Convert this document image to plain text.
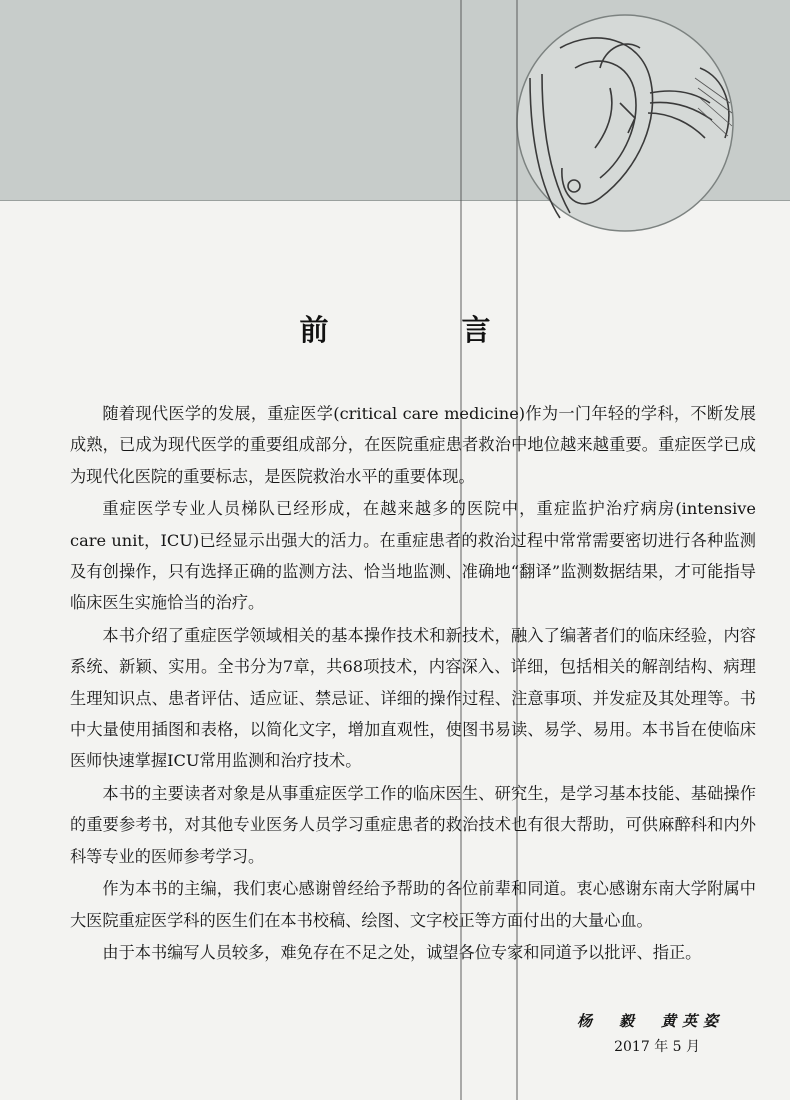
前　言

随着现代医学的发展，重症医学(critical care medicine)作为一门年轻的学科，不断发展成熟，已成为现代医学的重要组成部分，在医院重症患者救治中地位越来越重要。重症医学已成为现代化医院的重要标志，是医院救治水平的重要体现。

重症医学专业人员梯队已经形成，在越来越多的医院中，重症监护治疗病房(intensive care unit，ICU)已经显示出强大的活力。在重症患者的救治过程中常常需要密切进行各种监测及有创操作，只有选择正确的监测方法、恰当地监测、准确地“翻译”监测数据结果，才可能指导临床医生实施恰当的治疗。

本书介绍了重症医学领域相关的基本操作技术和新技术，融入了编著者们的临床经验，内容系统、新颖、实用。全书分为7章，共68项技术，内容深入、详细，包括相关的解剖结构、病理生理知识点、患者评估、适应证、禁忌证、详细的操作过程、注意事项、并发症及其处理等。书中大量使用插图和表格，以简化文字，增加直观性，使图书易读、易学、易用。本书旨在使临床医师快速掌握ICU常用监测和治疗技术。

本书的主要读者对象是从事重症医学工作的临床医生、研究生，是学习基本技能、基础操作的重要参考书，对其他专业医务人员学习重症患者的救治技术也有很大帮助，可供麻醉科和内外科等专业的医师参考学习。

作为本书的主编，我们衷心感谢曾经给予帮助的各位前辈和同道。衷心感谢东南大学附属中大医院重症医学科的医生们在本书校稿、绘图、文字校正等方面付出的大量心血。

由于本书编写人员较多，难免存在不足之处，诚望各位专家和同道予以批评、指正。

杨　毅　黄英姿
2017 年 5 月
